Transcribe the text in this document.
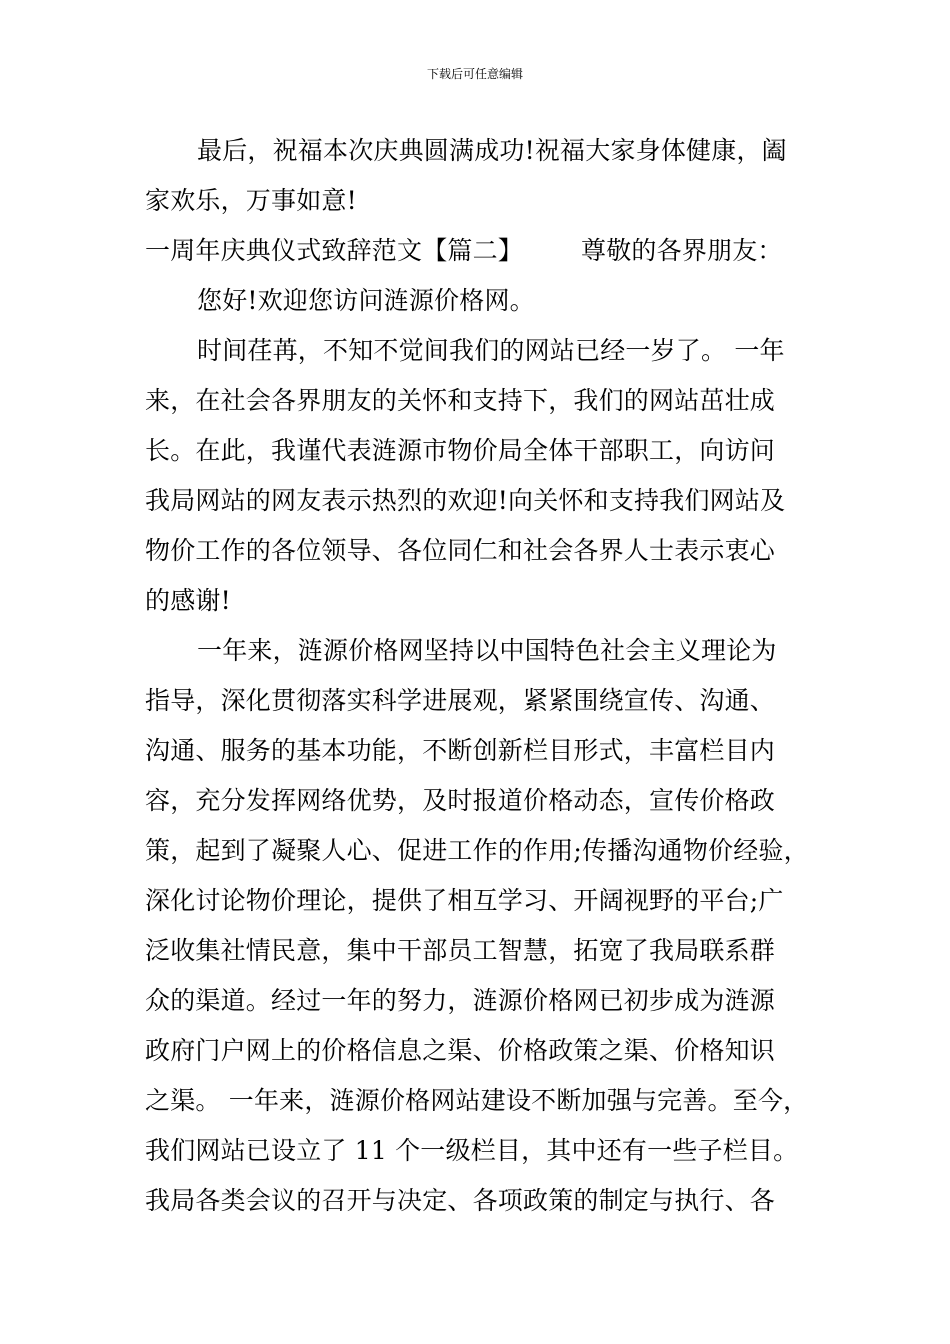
下载后可任意编辑
最后，祝福本次庆典圆满成功!祝福大家身体健康，阖
家欢乐，万事如意!
一周年庆典仪式致辞范文【篇二】 尊敬的各界朋友：
您好!欢迎您访问涟源价格网。
时间荏苒，不知不觉间我们的网站已经一岁了。 一年
来，在社会各界朋友的关怀和支持下，我们的网站茁壮成
长。在此，我谨代表涟源市物价局全体干部职工，向访问
我局网站的网友表示热烈的欢迎!向关怀和支持我们网站及
物价工作的各位领导、各位同仁和社会各界人士表示衷心
的感谢!
一年来，涟源价格网坚持以中国特色社会主义理论为
指导，深化贯彻落实科学进展观，紧紧围绕宣传、沟通、
沟通、服务的基本功能，不断创新栏目形式，丰富栏目内
容，充分发挥网络优势，及时报道价格动态，宣传价格政
策，起到了凝聚人心、促进工作的作用;传播沟通物价经验，
深化讨论物价理论，提供了相互学习、开阔视野的平台;广
泛收集社情民意，集中干部员工智慧，拓宽了我局联系群
众的渠道。经过一年的努力，涟源价格网已初步成为涟源
政府门户网上的价格信息之渠、价格政策之渠、价格知识
之渠。 一年来，涟源价格网站建设不断加强与完善。至今，
我们网站已设立了 11 个一级栏目，其中还有一些子栏目。
我局各类会议的召开与决定、各项政策的制定与执行、各
